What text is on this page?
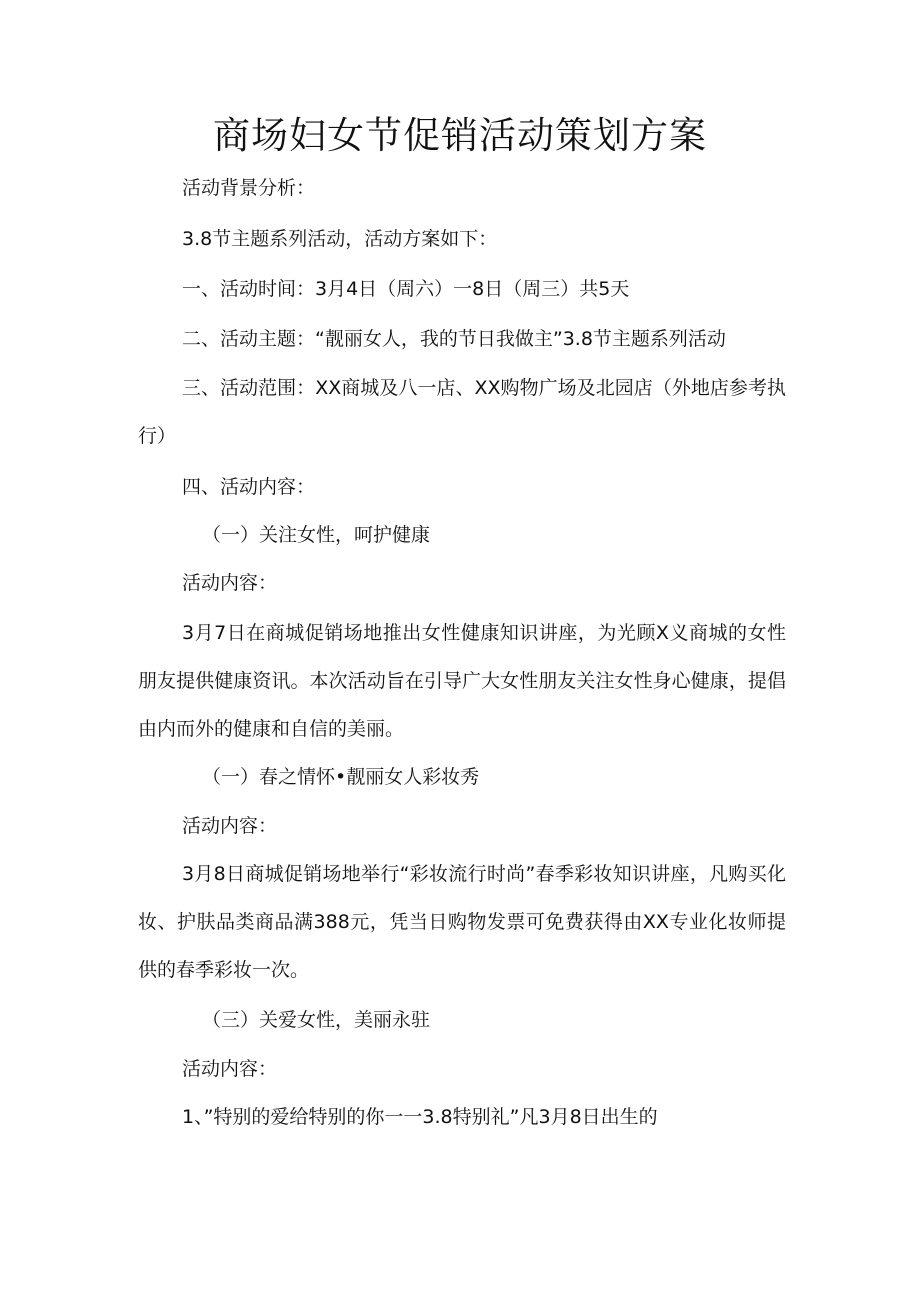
商场妇女节促销活动策划方案
活动背景分析：
3.8节主题系列活动，活动方案如下：
一、活动时间：3月4日（周六）一8日（周三）共5天
二、活动主题：“靓丽女人，我的节日我做主”3.8节主题系列活动
三、活动范围：XX商城及八一店、XX购物广场及北园店（外地店参考执行）
四、活动内容：
（一）关注女性，呵护健康
活动内容：
3月7日在商城促销场地推出女性健康知识讲座，为光顾X义商城的女性朋友提供健康资讯。本次活动旨在引导广大女性朋友关注女性身心健康，提倡由内而外的健康和自信的美丽。
（一）春之情怀•靓丽女人彩妆秀
活动内容：
3月8日商城促销场地举行“彩妆流行时尚”春季彩妆知识讲座，凡购买化妆、护肤品类商品满388元，凭当日购物发票可免费获得由XX专业化妆师提供的春季彩妆一次。
（三）关爱女性，美丽永驻
活动内容：
1、”特别的爱给特别的你一一3.8特别礼”凡3月8日出生的
